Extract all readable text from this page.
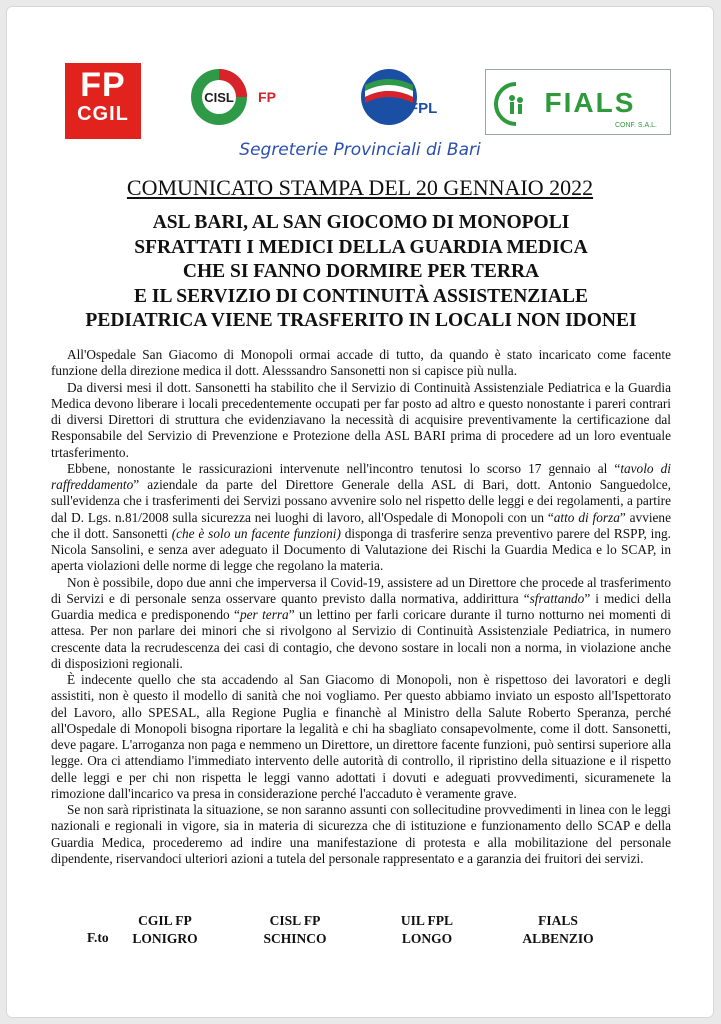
FP
CGIL
CISL FP
UILFPL	FIALS
CONF. S.A.L.
Segreterie Provinciali di Bari
COMUNICATO STAMPA DEL 20 GENNAIO 2022
ASL BARI, AL SAN GIOCOMO DI MONOPOLI
SFRATTATI I MEDICI DELLA GUARDIA MEDICA
CHE SI FANNO DORMIRE PER TERRA
E IL SERVIZIO DI CONTINUITÀ ASSISTENZIALE
PEDIATRICA VIENE TRASFERITO IN LOCALI NON IDONEI

All'Ospedale San Giacomo di Monopoli ormai accade di tutto, da quando è stato incaricato come facente funzione della direzione medica il dott. Alesssandro Sansonetti non si capisce più nulla.

Da diversi mesi il dott. Sansonetti ha stabilito che il Servizio di Continuità Assistenziale Pediatrica e la Guardia Medica devono liberare i locali precedentemente occupati per far posto ad altro e questo nonostante i pareri contrari di diversi Direttori di struttura che evidenziavano la necessità di acquisire preventivamente la certificazione dal Responsabile del Servizio di Prevenzione e Protezione della ASL BARI prima di procedere ad un loro eventuale trtasferimento.

Ebbene, nonostante le rassicurazioni intervenute nell'incontro tenutosi lo scorso 17 gennaio al “tavolo di raffreddamento” aziendale da parte del Direttore Generale della ASL di Bari, dott. Antonio Sanguedolce, sull'evidenza che i trasferimenti dei Servizi possano avvenire solo nel rispetto delle leggi e dei regolamenti, a partire dal D. Lgs. n.81/2008 sulla sicurezza nei luoghi di lavoro, all'Ospedale di Monopoli con un “atto di forza” avviene che il dott. Sansonetti (che è solo un facente funzioni) disponga di trasferire senza preventivo parere del RSPP, ing. Nicola Sansolini, e senza aver adeguato il Documento di Valutazione dei Rischi la Guardia Medica e lo SCAP, in aperta violazioni delle norme di legge che regolano la materia.

Non è possibile, dopo due anni che imperversa il Covid-19, assistere ad un Direttore che procede al trasferimento di Servizi e di personale senza osservare quanto previsto dalla normativa, addirittura “sfrattando” i medici della Guardia medica e predisponendo “per terra” un lettino per farli coricare durante il turno notturno nei momenti di attesa. Per non parlare dei minori che si rivolgono al Servizio di Continuità Assistenziale Pediatrica, in numero crescente data la recrudescenza dei casi di contagio, che devono sostare in locali non a norma, in violazione anche di disposizioni regionali.

È indecente quello che sta accadendo al San Giacomo di Monopoli, non è rispettoso dei lavoratori e degli assistiti, non è questo il modello di sanità che noi vogliamo. Per questo abbiamo inviato un esposto all'Ispettorato del Lavoro, allo SPESAL, alla Regione Puglia e financhè al Ministro della Salute Roberto Speranza, perché all'Ospedale di Monopoli bisogna riportare la legalità e chi ha sbagliato consapevolmente, come il dott. Sansonetti, deve pagare. L'arroganza non paga e nemmeno un Direttore, un direttore facente funzioni, può sentirsi superiore alla legge. Ora ci attendiamo l'immediato intervento delle autorità di controllo, il ripristino della situazione e il rispetto delle leggi e per chi non rispetta le leggi vanno adottati i dovuti e adeguati provvedimenti, sicuramenete la rimozione dall'incarico va presa in considerazione perché l'accaduto è veramente grave.

Se non sarà ripristinata la situazione, se non saranno assunti con sollecitudine provvedimenti in linea con le leggi nazionali e regionali in vigore, sia in materia di sicurezza che di istituzione e funzionamento dello SCAP e della Guardia Medica, procederemo ad indire una manifestazione di protesta e alla mobilitazione del personale dipendente, riservandoci ulteriori azioni a tutela del personale rappresentato e a garanzia dei fruitori dei servizi.

F.to
CGIL FP
LONIGRO
CISL FP
SCHINCO
UIL FPL
LONGO
FIALS
ALBENZIO
